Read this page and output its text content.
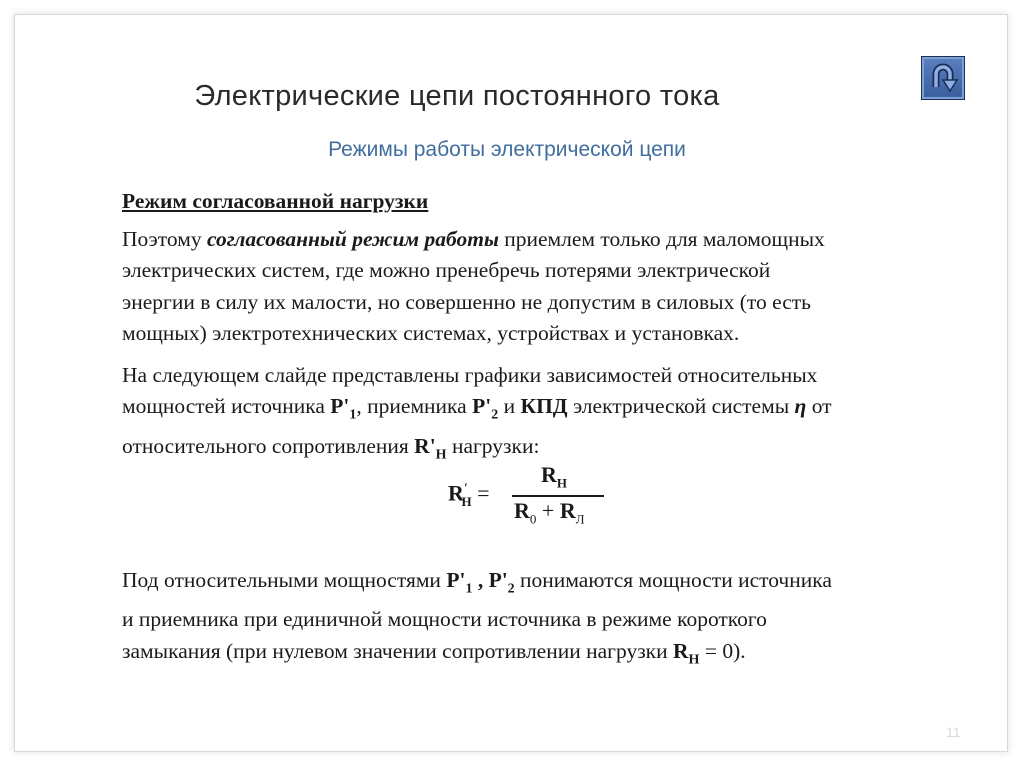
Электрические цепи постоянного тока
Режимы работы электрической цепи
Режим согласованной нагрузки
Поэтому согласованный режим работы приемлем только для маломощных
электрических систем, где можно пренебречь потерями электрической
энергии в силу их малости, но совершенно не допустим в силовых (то есть
мощных) электротехнических системах, устройствах и установках.
На следующем слайде представлены графики зависимостей относительных
мощностей источника $P'_1$, приемника $P'_2$ и КПД электрической системы η от
относительного сопротивления $R'_Н$ нагрузки:
Под относительными мощностями $P'_1$ , $P'_2$ понимаются мощности источника
и приемника при единичной мощности источника в режиме короткого
замыкания (при нулевом значении сопротивлении нагрузки $R_Н = 0$).
$R'_Н$ =
$R_Н$
$R_0 + R_Л$
11
